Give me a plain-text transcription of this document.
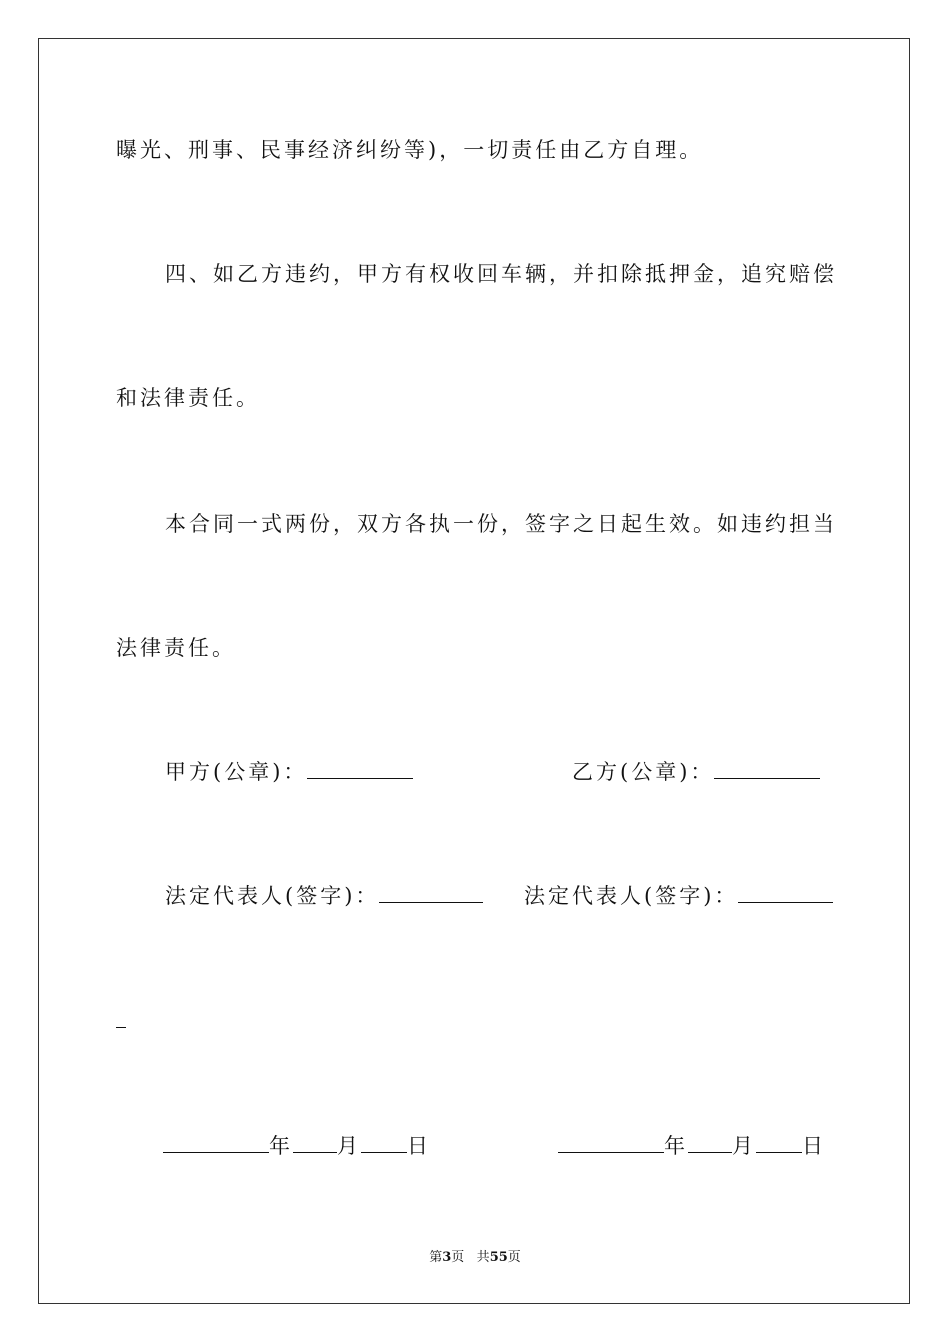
曝光、刑事、民事经济纠纷等)，一切责任由乙方自理。
四、如乙方违约，甲方有权收回车辆，并扣除抵押金，追究赔偿
和法律责任。
本合同一式两份，双方各执一份，签字之日起生效。如违约担当
法律责任。
甲方(公章)：	乙方(公章)：
法定代表人(签字)：	法定代表人(签字)：
年 月 日	年 月 日
第3页 共55页
